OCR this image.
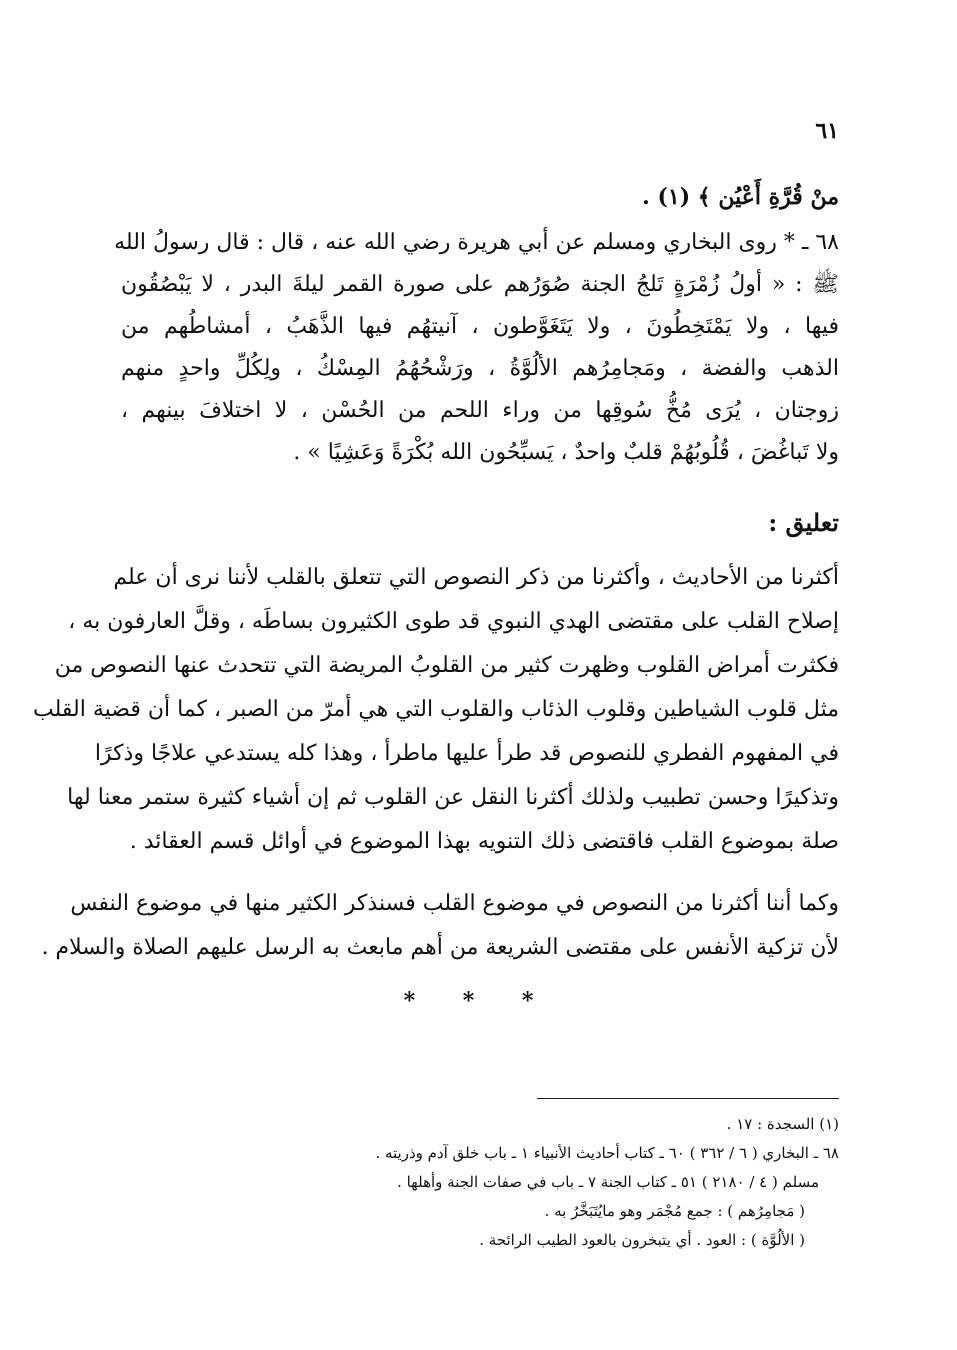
٦١
منْ قُرَّةِ أَعْيُن ﴾ (١) .
٦٨ ـ * روى البخاري ومسلم عن أبي هريرة رضي الله عنه ، قال : قال رسولُ الله
ﷺ : « أولُ زُمْرَةٍ تَلجُ الجنة صُوَرُهم على صورة القمر ليلةَ البدر ، لا يَبْصُقُون
فيها ، ولا يَمْتَخِطُونَ ، ولا يَتَغَوَّطون ، آنيتهُم فيها الذَّهَبُ ، أمشاطُهم من
الذهب والفضة ، ومَجامِرُهم الألُوَّةُ ، ورَشْحُهُمُ المِسْكُ ، ولِكُلِّ واحدٍ منهم
زوجتان ، يُرَى مُخُّ سُوقِها من وراء اللحم من الحُسْن ، لا اختلافَ بينهم ،
ولا تَباغُضَ ، قُلُوبُهُمْ قلبٌ واحدٌ ، يَسبِّحُون الله بُكْرَةً وَعَشِيًا » .
تعليق :
أكثرنا من الأحاديث ، وأكثرنا من ذكر النصوص التي تتعلق بالقلب لأننا نرى أن علم
إصلاح القلب على مقتضى الهدي النبوي قد طوى الكثيرون بساطَه ، وقلَّ العارفون به ،
فكثرت أمراض القلوب وظهرت كثير من القلوبُ المريضة التي تتحدث عنها النصوص من
مثل قلوب الشياطين وقلوب الذئاب والقلوب التي هي أمرّ من الصبر ، كما أن قضية القلب
في المفهوم الفطري للنصوص قد طرأ عليها ماطرأ ، وهذا كله يستدعي علاجًا وذكرًا
وتذكيرًا وحسن تطبيب ولذلك أكثرنا النقل عن القلوب ثم إن أشياء كثيرة ستمر معنا لها
صلة بموضوع القلب فاقتضى ذلك التنويه بهذا الموضوع في أوائل قسم العقائد .
وكما أننا أكثرنا من النصوص في موضوع القلب فسنذكر الكثير منها في موضوع النفس
لأن تزكية الأنفس على مقتضى الشريعة من أهم مابعث به الرسل عليهم الصلاة والسلام .
* * *
(١) السجدة : ١٧ .
٦٨ ـ البخاري ( ٦ / ٣٦٢ ) ٦٠ ـ كتاب أحاديث الأنبياء ١ ـ باب خلق آدم وذريته .
مسلم ( ٤ / ٢١٨٠ ) ٥١ ـ كتاب الجنة ٧ ـ باب في صفات الجنة وأهلها .
( مَجامِرُهم ) : جمع مُجْمَر وهو مايُتَبَخَّرُ به .
( الألُوَّة ) : العود . أي يتبخرون بالعود الطيب الرائحة .
